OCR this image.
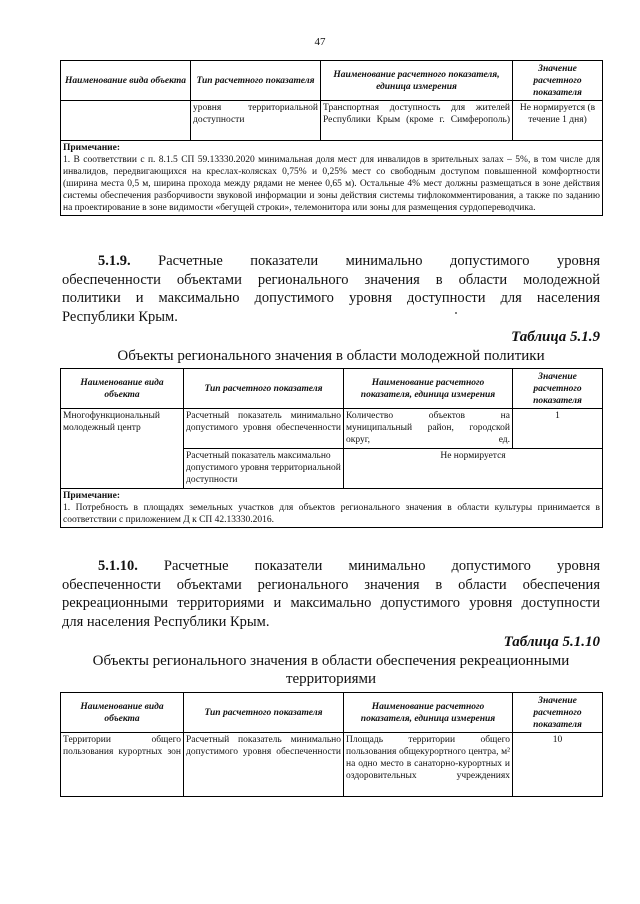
47
Наименование вида объекта	Тип расчетного показателя	Наименование расчетного показателя, единица измерения	Значение расчетного показателя
	уровня территориальной доступности	Транспортная доступность для жителей Республики Крым (кроме г. Симферополь)	Не нормируется (в течение 1 дня)

Примечание:
1. В соответствии с п. 8.1.5 СП 59.13330.2020 минимальная доля мест для инвалидов в зрительных залах – 5%, в том числе для инвалидов, передвигающихся на креслах-колясках 0,75% и 0,25% мест со свободным доступом повышенной комфортности (ширина места 0,5 м, ширина прохода между рядами не менее 0,65 м). Остальные 4% мест должны размещаться в зоне действия системы обеспечения разборчивости звуковой информации и зоны действия системы тифлокомментирования, а также по заданию на проектирование в зоне видимости «бегущей строки», телемонитора или зоны для размещения сурдопереводчика.			
5.1.9. Расчетные показатели минимально допустимого уровня
обеспеченности объектами регионального значения в области молодежной
политики и максимально допустимого уровня доступности для населения
Республики Крым.
Таблица 5.1.9
Объекты регионального значения в области молодежной политики
Наименование вида объекта	Тип расчетного показателя	Наименование расчетного показателя, единица измерения	Значение расчетного показателя
Многофункциональный молодежный центр	Расчетный показатель минимально допустимого уровня обеспеченности	Количество объектов на муниципальный район, городской округ, ед.	1
	Расчетный показатель максимально допустимого уровня территориальной доступности	Не нормируется	

Примечание:
1. Потребность в площадях земельных участков для объектов регионального значения в области культуры принимается в соответствии с приложением Д к СП 42.13330.2016.			
5.1.10. Расчетные показатели минимально допустимого уровня
обеспеченности объектами регионального значения в области обеспечения
рекреационными территориями и максимально допустимого уровня доступности
для населения Республики Крым.
Таблица 5.1.10
Объекты регионального значения в области обеспечения рекреационными
территориями
Наименование вида объекта	Тип расчетного показателя	Наименование расчетного показателя, единица измерения	Значение расчетного показателя
Территории общего пользования курортных зон	Расчетный показатель минимально допустимого уровня обеспеченности	Площадь территории общего пользования общекурортного центра, м² на одно место в санаторно-курортных и оздоровительных учреждениях	10
